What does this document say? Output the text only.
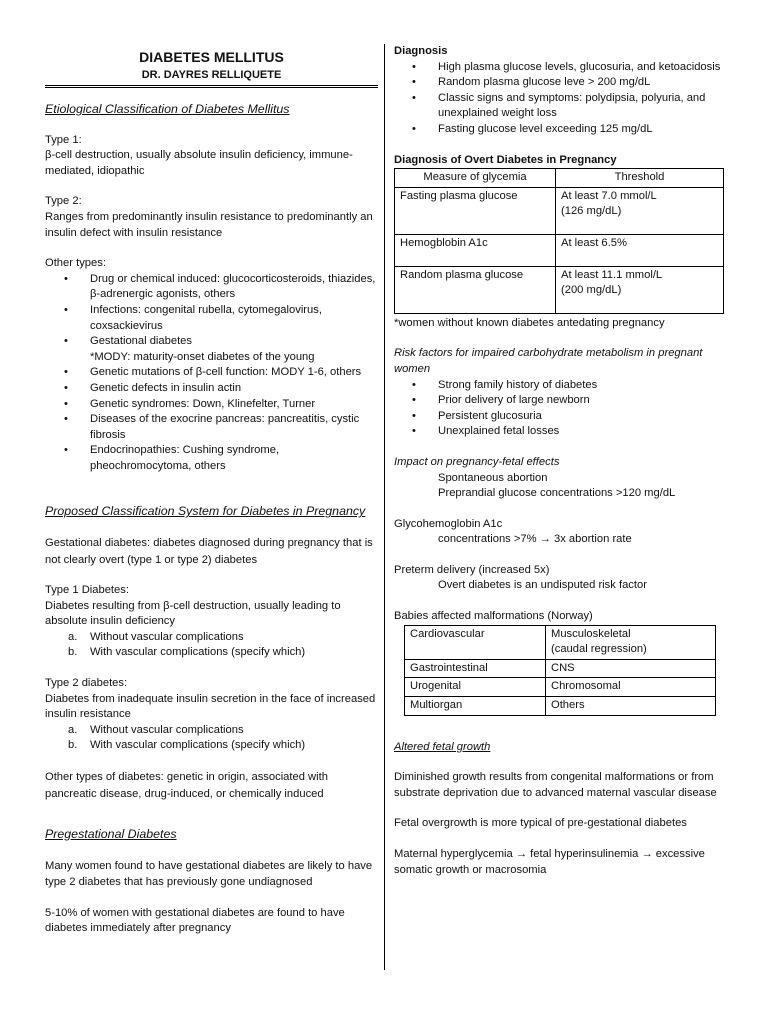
DIABETES MELLITUS
DR. DAYRES RELLIQUETE
Etiological Classification of Diabetes Mellitus

Type 1:

β-cell destruction, usually absolute insulin deficiency, immune-mediated, idiopathic

Type 2:

Ranges from predominantly insulin resistance to predominantly an insulin defect with insulin resistance

Other types:

• Drug or chemical induced: glucocorticosteroids, thiazides, β-adrenergic agonists, others
• Infections: congenital rubella, cytomegalovirus, coxsackievirus
• Gestational diabetes
*MODY: maturity-onset diabetes of the young
• Genetic mutations of β-cell function: MODY 1-6, others
• Genetic defects in insulin actin
• Genetic syndromes: Down, Klinefelter, Turner
• Diseases of the exocrine pancreas: pancreatitis, cystic fibrosis
• Endocrinopathies: Cushing syndrome, pheochromocytoma, others
Proposed Classification System for Diabetes in Pregnancy

Gestational diabetes: diabetes diagnosed during pregnancy that is not clearly overt (type 1 or type 2) diabetes

Type 1 Diabetes:

Diabetes resulting from β-cell destruction, usually leading to absolute insulin deficiency

a. Without vascular complications
b. With vascular complications (specify which)

Type 2 diabetes:

Diabetes from inadequate insulin secretion in the face of increased insulin resistance

a. Without vascular complications
b. With vascular complications (specify which)

Other types of diabetes: genetic in origin, associated with pancreatic disease, drug-induced, or chemically induced

Pregestational Diabetes

Many women found to have gestational diabetes are likely to have type 2 diabetes that has previously gone undiagnosed

5-10% of women with gestational diabetes are found to have diabetes immediately after pregnancy

Diagnosis

• High plasma glucose levels, glucosuria, and ketoacidosis
• Random plasma glucose leve > 200 mg/dL
• Classic signs and symptoms: polydipsia, polyuria, and unexplained weight loss
• Fasting glucose level exceeding 125 mg/dL

Diagnosis of Overt Diabetes in Pregnancy

Measure of glycemia	Threshold
Fasting plasma glucose	At least 7.0 mmol/L
(126 mg/dL)
Hemogblobin A1c	At least 6.5%
Random plasma glucose	At least 11.1 mmol/L
(200 mg/dL)

*women without known diabetes antedating pregnancy

Risk factors for impaired carbohydrate metabolism in pregnant women

• Strong family history of diabetes
• Prior delivery of large newborn
• Persistent glucosuria
• Unexplained fetal losses

Impact on pregnancy-fetal effects

Spontaneous abortion

Preprandial glucose concentrations >120 mg/dL

Glycohemoglobin A1c

concentrations >7% → 3x abortion rate

Preterm delivery (increased 5x)

Overt diabetes is an undisputed risk factor

Babies affected malformations (Norway)

Cardiovascular	Musculoskeletal
(caudal regression)
Gastrointestinal	CNS
Urogenital	Chromosomal
Multiorgan	Others

Altered fetal growth

Diminished growth results from congenital malformations or from substrate deprivation due to advanced maternal vascular disease

Fetal overgrowth is more typical of pre-gestational diabetes

Maternal hyperglycemia → fetal hyperinsulinemia → excessive somatic growth or macrosomia
